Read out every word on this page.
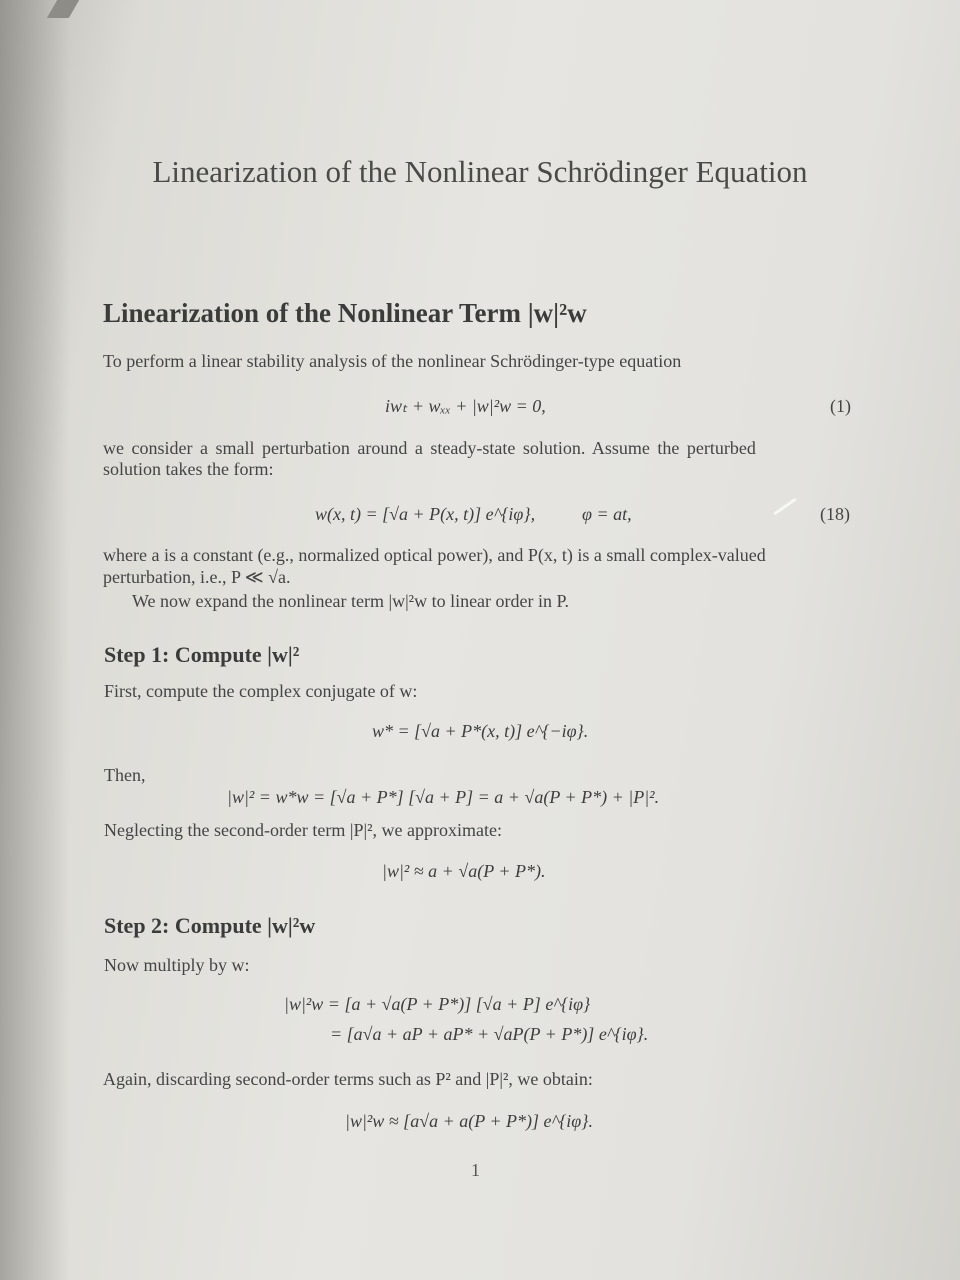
Linearization of the Nonlinear Schrödinger Equation
Linearization of the Nonlinear Term |w|²w
To perform a linear stability analysis of the nonlinear Schrödinger-type equation
iwₜ + wₓₓ + |w|²w = 0,	(1)
we consider a small perturbation around a steady-state solution. Assume the perturbed
solution takes the form:
w(x, t) = [√a + P(x, t)] e^{iφ},	φ = at,	(18)
where a is a constant (e.g., normalized optical power), and P(x, t) is a small complex-valued
perturbation, i.e., P ≪ √a.
We now expand the nonlinear term |w|²w to linear order in P.
Step 1: Compute |w|²
First, compute the complex conjugate of w:
w* = [√a + P*(x, t)] e^{−iφ}.
Then,
|w|² = w*w = [√a + P*] [√a + P] = a + √a(P + P*) + |P|².
Neglecting the second-order term |P|², we approximate:
|w|² ≈ a + √a(P + P*).
Step 2: Compute |w|²w
Now multiply by w:
|w|²w = [a + √a(P + P*)] [√a + P] e^{iφ}
= [a√a + aP + aP* + √aP(P + P*)] e^{iφ}.
Again, discarding second-order terms such as P² and |P|², we obtain:
|w|²w ≈ [a√a + a(P + P*)] e^{iφ}.
1
